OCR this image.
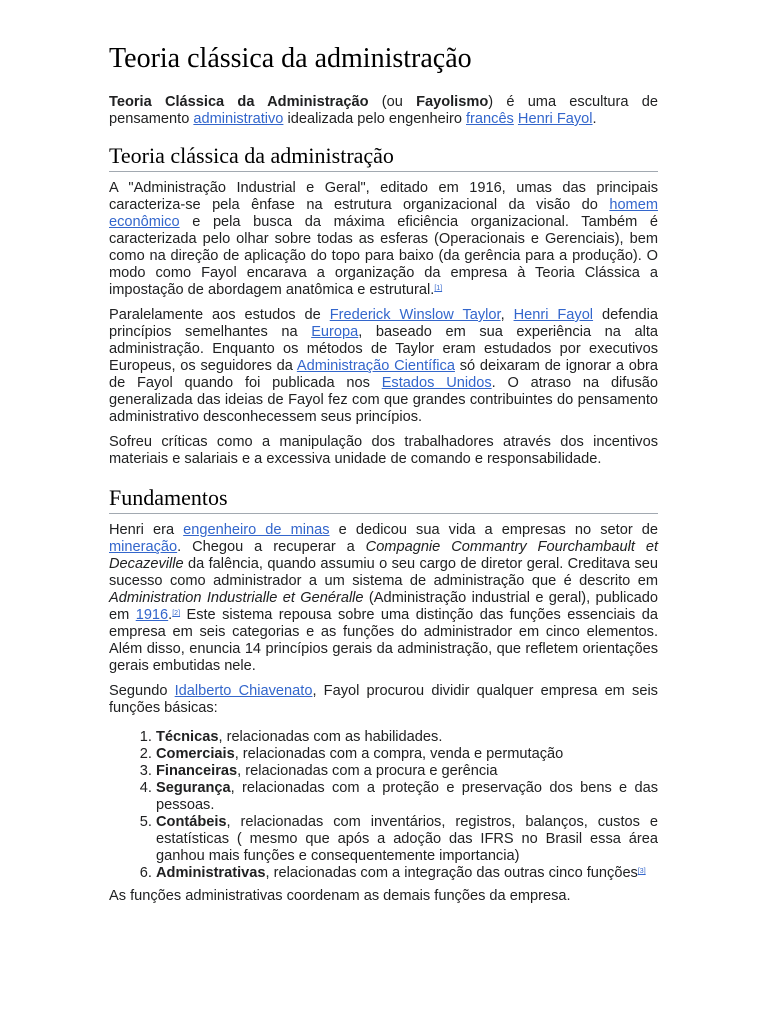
Teoria clássica da administração

Teoria Clássica da Administração (ou Fayolismo) é uma escultura de pensamento administrativo idealizada pelo engenheiro francês Henri Fayol.

Teoria clássica da administração

A "Administração Industrial e Geral", editado em 1916, umas das principais caracteriza-se pela ênfase na estrutura organizacional da visão do homem econômico e pela busca da máxima eficiência organizacional. Também é caracterizada pelo olhar sobre todas as esferas (Operacionais e Gerenciais), bem como na direção de aplicação do topo para baixo (da gerência para a produção). O modo como Fayol encarava a organização da empresa à Teoria Clássica a impostação de abordagem anatômica e estrutural.[1]

Paralelamente aos estudos de Frederick Winslow Taylor, Henri Fayol defendia princípios semelhantes na Europa, baseado em sua experiência na alta administração. Enquanto os métodos de Taylor eram estudados por executivos Europeus, os seguidores da Administração Científica só deixaram de ignorar a obra de Fayol quando foi publicada nos Estados Unidos. O atraso na difusão generalizada das ideias de Fayol fez com que grandes contribuintes do pensamento administrativo desconhecessem seus princípios.

Sofreu críticas como a manipulação dos trabalhadores através dos incentivos materiais e salariais e a excessiva unidade de comando e responsabilidade.

Fundamentos

Henri era engenheiro de minas e dedicou sua vida a empresas no setor de mineração. Chegou a recuperar a Compagnie Commantry Fourchambault et Decazeville da falência, quando assumiu o seu cargo de diretor geral. Creditava seu sucesso como administrador a um sistema de administração que é descrito em Administration Industrialle et Genéralle (Administração industrial e geral), publicado em 1916.[2] Este sistema repousa sobre uma distinção das funções essenciais da empresa em seis categorias e as funções do administrador em cinco elementos. Além disso, enuncia 14 princípios gerais da administração, que refletem orientações gerais embutidas nele.

Segundo Idalberto Chiavenato, Fayol procurou dividir qualquer empresa em seis funções básicas:

1. Técnicas, relacionadas com as habilidades.
2. Comerciais, relacionadas com a compra, venda e permutação
3. Financeiras, relacionadas com a procura e gerência
4. Segurança, relacionadas com a proteção e preservação dos bens e das pessoas.
5. Contábeis, relacionadas com inventários, registros, balanços, custos e estatísticas ( mesmo que após a adoção das IFRS no Brasil essa área ganhou mais funções e consequentemente importancia)
6. Administrativas, relacionadas com a integração das outras cinco funções[3]

As funções administrativas coordenam as demais funções da empresa.
